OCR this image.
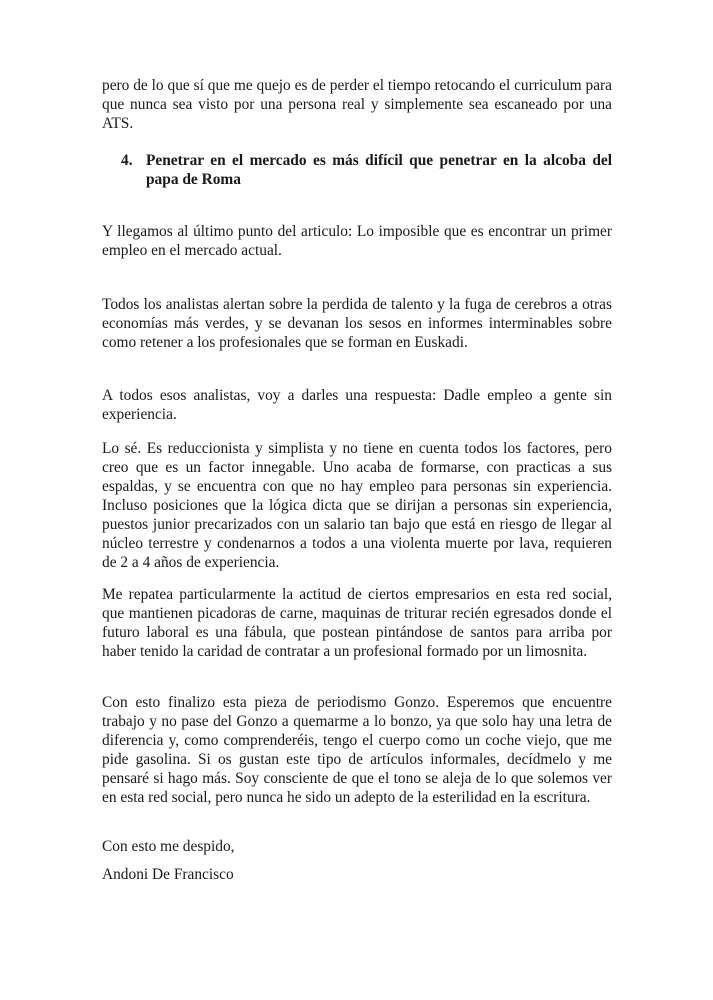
pero de lo que sí que me quejo es de perder el tiempo retocando el curriculum para que nunca sea visto por una persona real y simplemente sea escaneado por una ATS.

4. Penetrar en el mercado es más difícil que penetrar en la alcoba del papa de Roma

Y llegamos al último punto del articulo: Lo imposible que es encontrar un primer empleo en el mercado actual.

Todos los analistas alertan sobre la perdida de talento y la fuga de cerebros a otras economías más verdes, y se devanan los sesos en informes interminables sobre como retener a los profesionales que se forman en Euskadi.

A todos esos analistas, voy a darles una respuesta: Dadle empleo a gente sin experiencia.

Lo sé. Es reduccionista y simplista y no tiene en cuenta todos los factores, pero creo que es un factor innegable. Uno acaba de formarse, con practicas a sus espaldas, y se encuentra con que no hay empleo para personas sin experiencia. Incluso posiciones que la lógica dicta que se dirijan a personas sin experiencia, puestos junior precarizados con un salario tan bajo que está en riesgo de llegar al núcleo terrestre y condenarnos a todos a una violenta muerte por lava, requieren de 2 a 4 años de experiencia.

Me repatea particularmente la actitud de ciertos empresarios en esta red social, que mantienen picadoras de carne, maquinas de triturar recién egresados donde el futuro laboral es una fábula, que postean pintándose de santos para arriba por haber tenido la caridad de contratar a un profesional formado por un limosnita.

Con esto finalizo esta pieza de periodismo Gonzo. Esperemos que encuentre trabajo y no pase del Gonzo a quemarme a lo bonzo, ya que solo hay una letra de diferencia y, como comprenderéis, tengo el cuerpo como un coche viejo, que me pide gasolina. Si os gustan este tipo de artículos informales, decídmelo y me pensaré si hago más. Soy consciente de que el tono se aleja de lo que solemos ver en esta red social, pero nunca he sido un adepto de la esterilidad en la escritura.

Con esto me despido,

Andoni De Francisco
